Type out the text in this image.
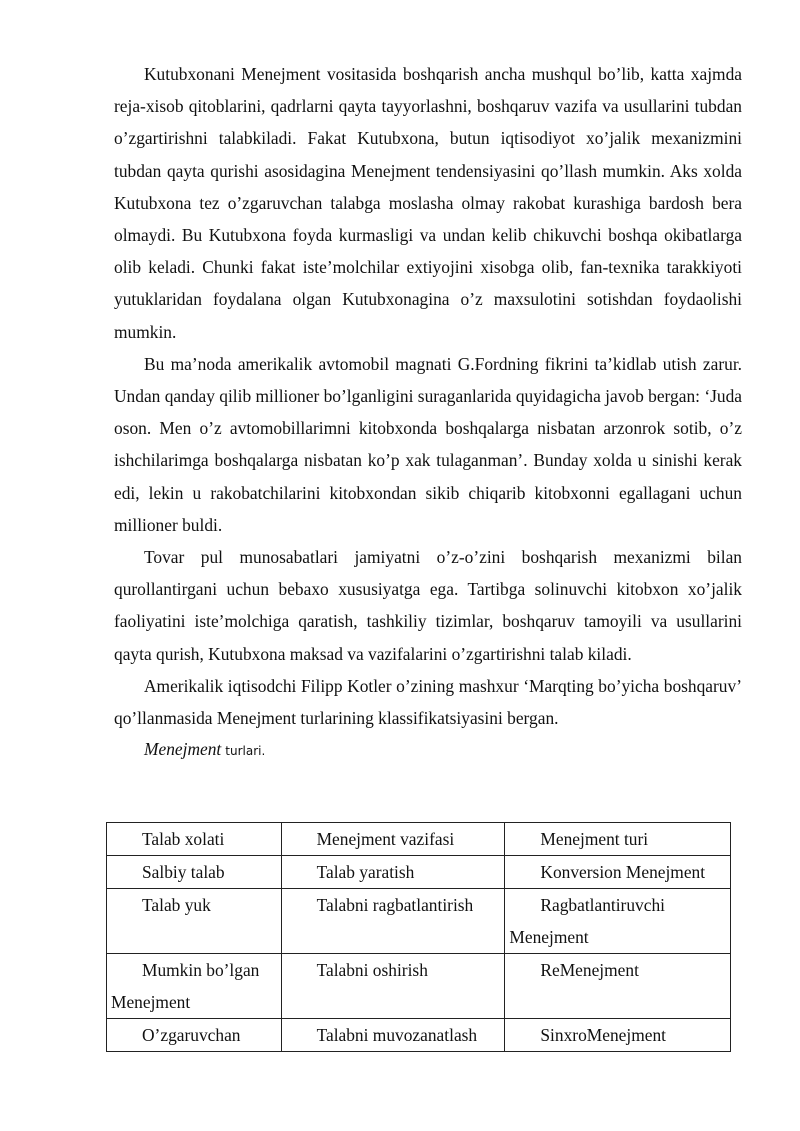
Kutubxonani Menejment vositasida boshqarish ancha mushqul bo’lib, katta xajmda reja-xisob qitoblarini, qadrlarni qayta tayyorlashni, boshqaruv vazifa va usullarini tubdan o’zgartirishni talabkiladi. Fakat Kutubxona, butun iqtisodiyot xo’jalik mexanizmini tubdan qayta qurishi asosidagina Menejment tendensiyasini qo’llash mumkin. Aks xolda Kutubxona tez o’zgaruvchan talabga moslasha olmay rakobat kurashiga bardosh bera olmaydi. Bu Kutubxona foyda kurmasligi va undan kelib chikuvchi boshqa okibatlarga olib keladi. Chunki fakat iste’molchilar extiyojini xisobga olib, fan-texnika tarakkiyoti yutuklaridan foydalana olgan Kutubxonagina o’z maxsulotini sotishdan foydaolishi mumkin.

Bu ma’noda amerikalik avtomobil magnati G.Fordning fikrini ta’kidlab utish zarur. Undan qanday qilib millioner bo’lganligini suraganlarida quyidagicha javob bergan: ‘Juda oson. Men o’z avtomobillarimni kitobxonda boshqalarga nisbatan arzonrok sotib, o’z ishchilarimga boshqalarga nisbatan ko’p xak tulaganman’. Bunday xolda u sinishi kerak edi, lekin u rakobatchilarini kitobxondan sikib chiqarib kitobxonni egallagani uchun millioner buldi.

Tovar pul munosabatlari jamiyatni o’z-o’zini boshqarish mexanizmi bilan qurollantirgani uchun bebaxo xususiyatga ega. Tartibga solinuvchi kitobxon xo’jalik faoliyatini iste’molchiga qaratish, tashkiliy tizimlar, boshqaruv tamoyili va usullarini qayta qurish, Kutubxona maksad va vazifalarini o’zgartirishni talab kiladi.

Amerikalik iqtisodchi Filipp Kotler o’zining mashxur ‘Marqting bo’yicha boshqaruv’ qo’llanmasida Menejment turlarining klassifikatsiyasini bergan.

Menejment turlari.

Talab xolati	Menejment vazifasi	Menejment turi
Salbiy talab	Talab yaratish	Konversion Menejment
Talab yuk	Talabni ragbatlantirish	Ragbatlantiruvchi Menejment
Mumkin bo’lgan Menejment	Talabni oshirish	ReMenejment
O’zgaruvchan	Talabni muvozanatlash	SinxroMenejment
